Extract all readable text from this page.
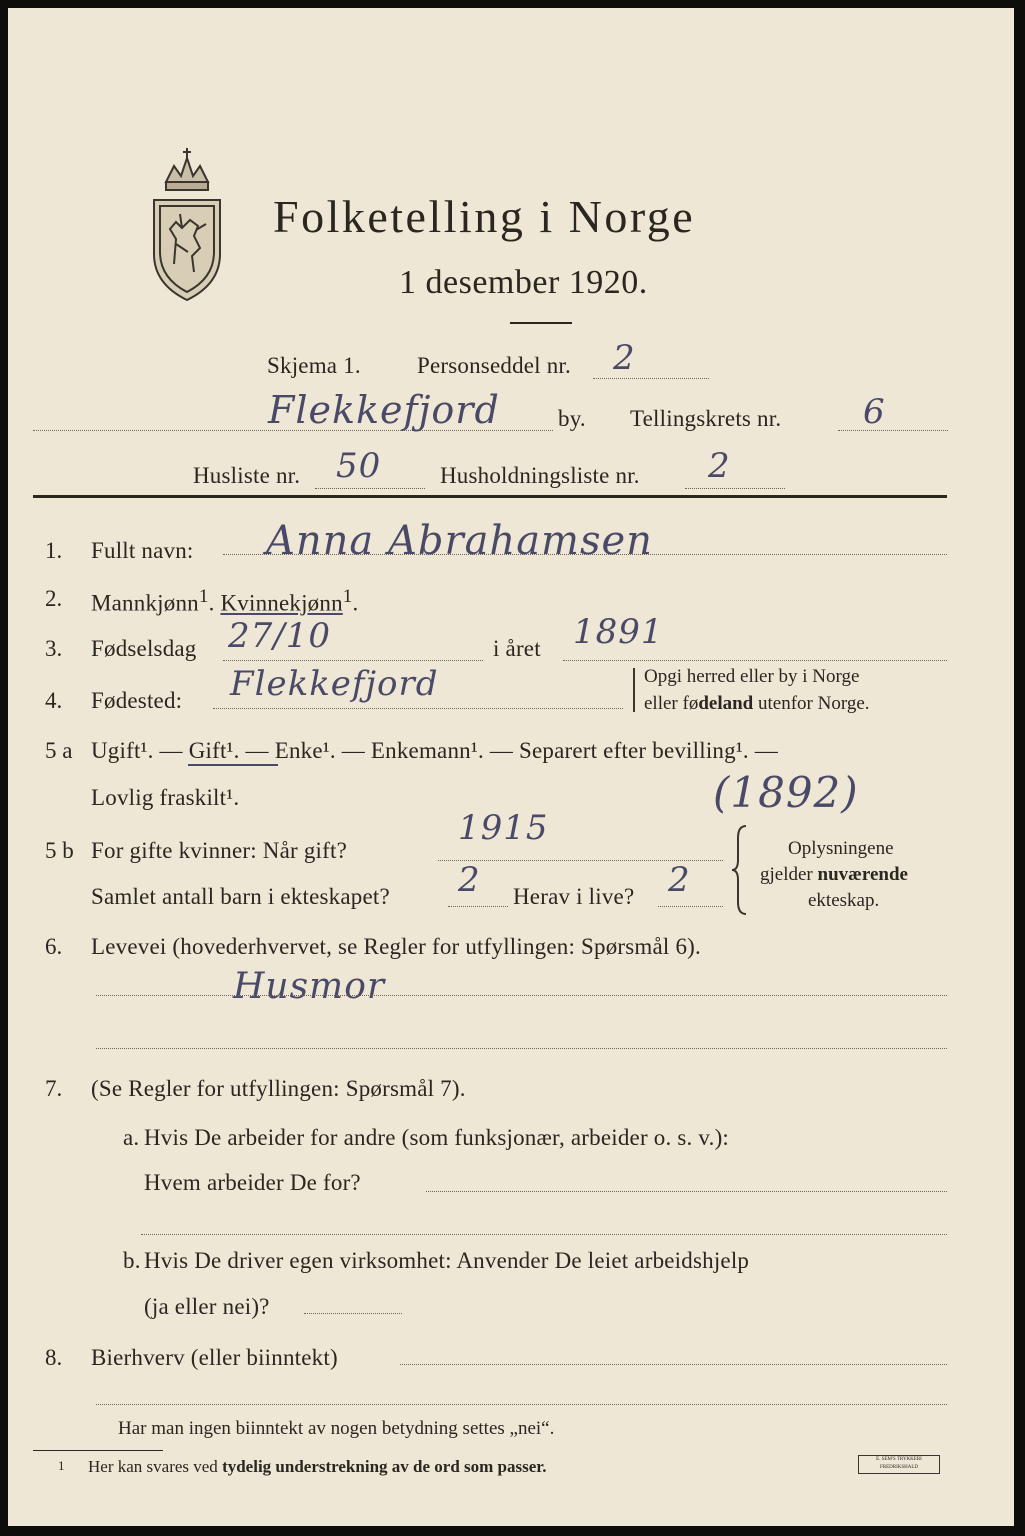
Folketelling i Norge
1 desember 1920.
Skjema 1. Personseddel nr. 2
Flekkefjord	by. Tellingskrets nr. 6
Husliste nr. 50	Husholdningsliste nr. 2
1. Fullt navn: Anna Abrahamsen
2. Mannkjønn$^1$. Kvinnekjønn$^1$.
3. Fødselsdag 27/10	i året 1891
4. Fødested: Flekkefjord	Opgi herred eller by i Norge
eller fødeland utenfor Norge.
5 a Ugift¹. — Gift¹. — Enke¹. — Enkemann¹. — Separert efter bevilling¹. —
Lovlig fraskilt¹.	(1892)
5 b For gifte kvinner: Når gift?
1915
Samlet antall barn i ekteskapet? 2 Herav i live? 2
Oplysningene
gjelder nuværende
ekteskap.
6. Levevei (hovederhvervet, se Regler for utfyllingen: Spørsmål 6).
Husmor
7. (Se Regler for utfyllingen: Spørsmål 7).
a. Hvis De arbeider for andre (som funksjonær, arbeider o. s. v.):
Hvem arbeider De for?
b. Hvis De driver egen virksomhet: Anvender De leiet arbeidshjelp
(ja eller nei)?
8. Bierhverv (eller biinntekt)
Har man ingen biinntekt av nogen betydning settes „nei“.
1 Her kan svares ved tydelig understrekning av de ord som passer.	E. SEM'S TRYKKERI FREDRIKSHALD
